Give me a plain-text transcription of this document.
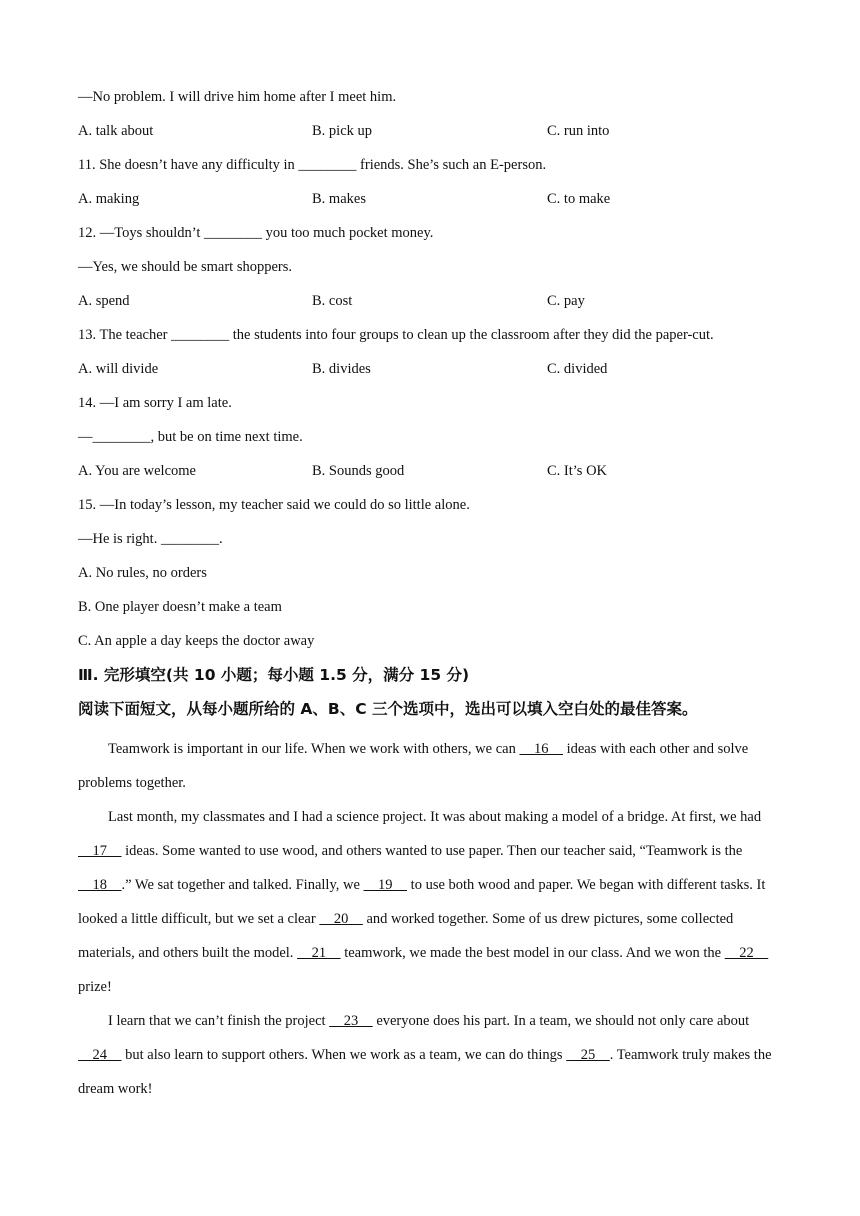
—No problem. I will drive him home after I meet him.
A. talk about	B. pick up	C. run into
11. She doesn’t have any difficulty in ________ friends. She’s such an E-person.
A. making	B. makes	C. to make
12. —Toys shouldn’t ________ you too much pocket money.
—Yes, we should be smart shoppers.
A. spend	B. cost	C. pay
13. The teacher ________ the students into four groups to clean up the classroom after they did the paper-cut.
A. will divide	B. divides	C. divided
14. —I am sorry I am late.
—________, but be on time next time.
A. You are welcome	B. Sounds good	C. It’s OK
15. —In today’s lesson, my teacher said we could do so little alone.
—He is right. ________.
A. No rules, no orders
B. One player doesn’t make a team
C. An apple a day keeps the doctor away
Ⅲ. 完形填空(共 10 小题；每小题 1.5 分，满分 15 分)
阅读下面短文，从每小题所给的 A、B、C 三个选项中，选出可以填入空白处的最佳答案。

Teamwork is important in our life. When we work with others, we can     16     ideas with each other and solve problems together.

Last month, my classmates and I had a science project. It was about making a model of a bridge. At first, we had     17     ideas. Some wanted to use wood, and others wanted to use paper. Then our teacher said, “Teamwork is the     18    .” We sat together and talked. Finally, we     19     to use both wood and paper. We began with different tasks. It looked a little difficult, but we set a clear     20     and worked together. Some of us drew pictures, some collected materials, and others built the model.     21     teamwork, we made the best model in our class. And we won the     22     prize!

I learn that we can’t finish the project     23     everyone does his part. In a team, we should not only care about     24     but also learn to support others. When we work as a team, we can do things     25    . Teamwork truly makes the dream work!
